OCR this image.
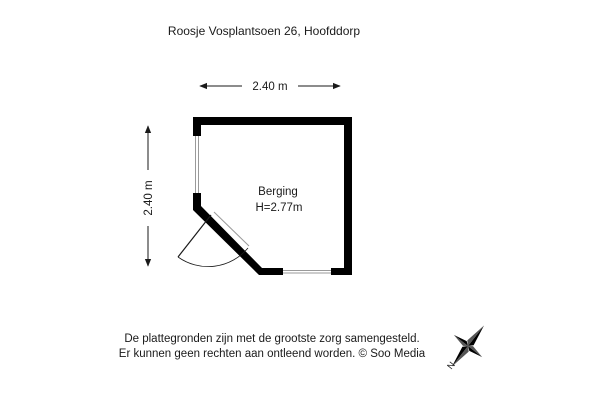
Roosje Vosplantsoen 26, Hoofddorp
2.40 m
2.40 m	Berging
H=2.77m
De plattegronden zijn met de grootste zorg samengesteld.
Er kunnen geen rechten aan ontleend worden. © Soo Media
N
